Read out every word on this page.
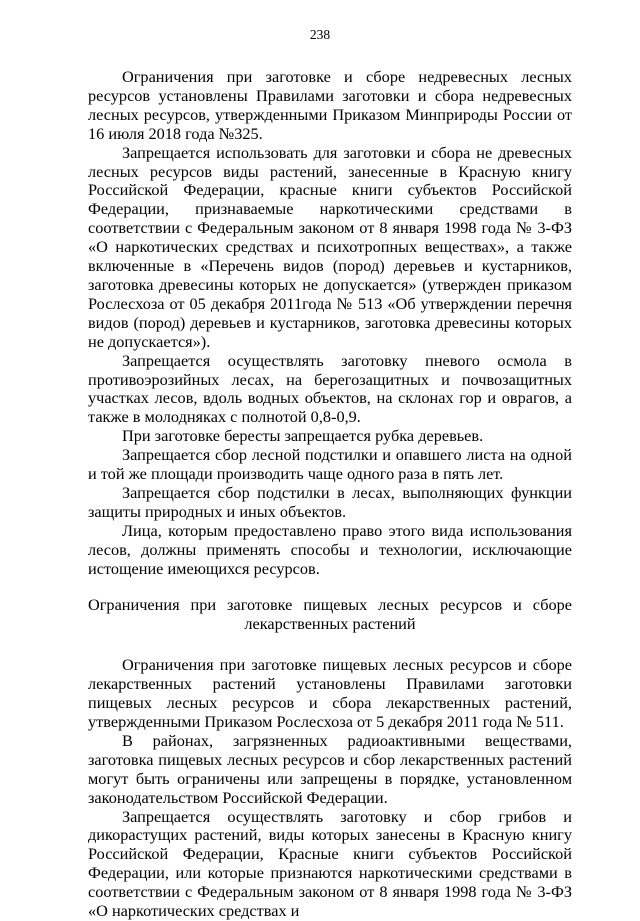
238

Ограничения при заготовке и сборе недревесных лесных ресурсов установлены Правилами заготовки и сбора недревесных лесных ресурсов, утвержденными Приказом Минприроды России от 16 июля 2018 года №325.

Запрещается использовать для заготовки и сбора не древесных лесных ресурсов виды растений, занесенные в Красную книгу Российской Федерации, красные книги субъектов Российской Федерации, признаваемые наркотическими средствами в соответствии с Федеральным законом от 8 января 1998 года № 3-ФЗ «О наркотических средствах и психотропных веществах», а также включенные в «Перечень видов (пород) деревьев и кустарников, заготовка древесины которых не допускается» (утвержден приказом Рослесхоза от 05 декабря 2011года № 513 «Об утверждении перечня видов (пород) деревьев и кустарников, заготовка древесины которых не допускается»).

Запрещается осуществлять заготовку пневого осмола в противоэрозийных лесах, на берегозащитных и почвозащитных участках лесов, вдоль водных объектов, на склонах гор и оврагов, а также в молодняках с полнотой 0,8-0,9.

При заготовке бересты запрещается рубка деревьев.

Запрещается сбор лесной подстилки и опавшего листа на одной и той же площади производить чаще одного раза в пять лет.

Запрещается сбор подстилки в лесах, выполняющих функции защиты природных и иных объектов.

Лица, которым предоставлено право этого вида использования лесов, должны применять способы и технологии, исключающие истощение имеющихся ресурсов.

Ограничения при заготовке пищевых лесных ресурсов и сборе лекарственных растений

Ограничения при заготовке пищевых лесных ресурсов и сборе лекарственных растений установлены Правилами заготовки пищевых лесных ресурсов и сбора лекарственных растений, утвержденными Приказом Рослесхоза от 5 декабря 2011 года № 511.

В районах, загрязненных радиоактивными веществами, заготовка пищевых лесных ресурсов и сбор лекарственных растений могут быть ограничены или запрещены в порядке, установленном законодательством Российской Федерации.

Запрещается осуществлять заготовку и сбор грибов и дикорастущих растений, виды которых занесены в Красную книгу Российской Федерации, Красные книги субъектов Российской Федерации, или которые признаются наркотическими средствами в соответствии с Федеральным законом от 8 января 1998 года № 3-ФЗ «О наркотических средствах и
